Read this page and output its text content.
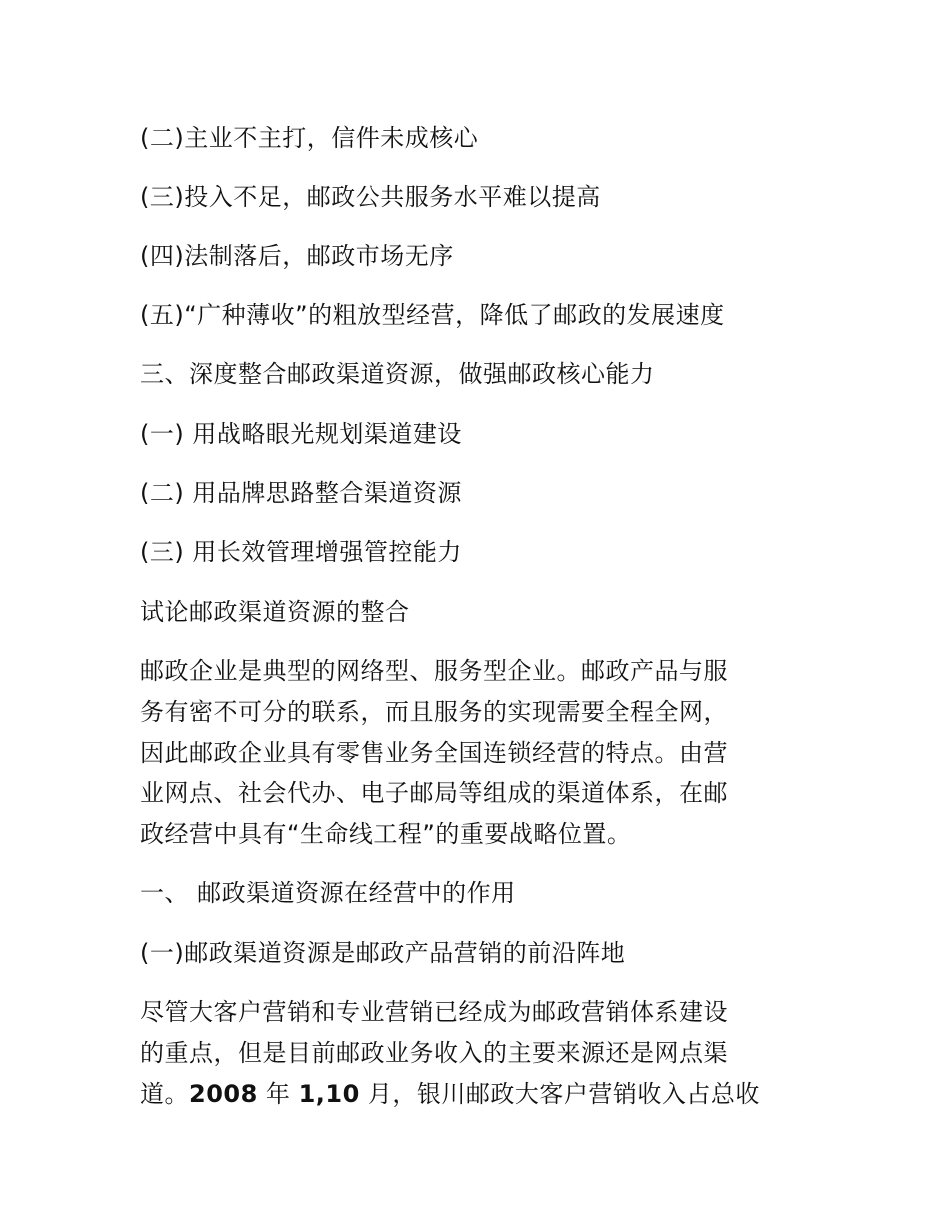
(二)主业不主打，信件未成核心
(三)投入不足，邮政公共服务水平难以提高
(四)法制落后，邮政市场无序
(五)“广种薄收”的粗放型经营，降低了邮政的发展速度
三、深度整合邮政渠道资源，做强邮政核心能力
(一) 用战略眼光规划渠道建设
(二) 用品牌思路整合渠道资源
(三) 用长效管理增强管控能力
试论邮政渠道资源的整合
邮政企业是典型的网络型、服务型企业。邮政产品与服
务有密不可分的联系，而且服务的实现需要全程全网，
因此邮政企业具有零售业务全国连锁经营的特点。由营
业网点、社会代办、电子邮局等组成的渠道体系，在邮
政经营中具有“生命线工程”的重要战略位置。
一、 邮政渠道资源在经营中的作用
(一)邮政渠道资源是邮政产品营销的前沿阵地
尽管大客户营销和专业营销已经成为邮政营销体系建设
的重点，但是目前邮政业务收入的主要来源还是网点渠
道。2008 年 1,10 月，银川邮政大客户营销收入占总收
